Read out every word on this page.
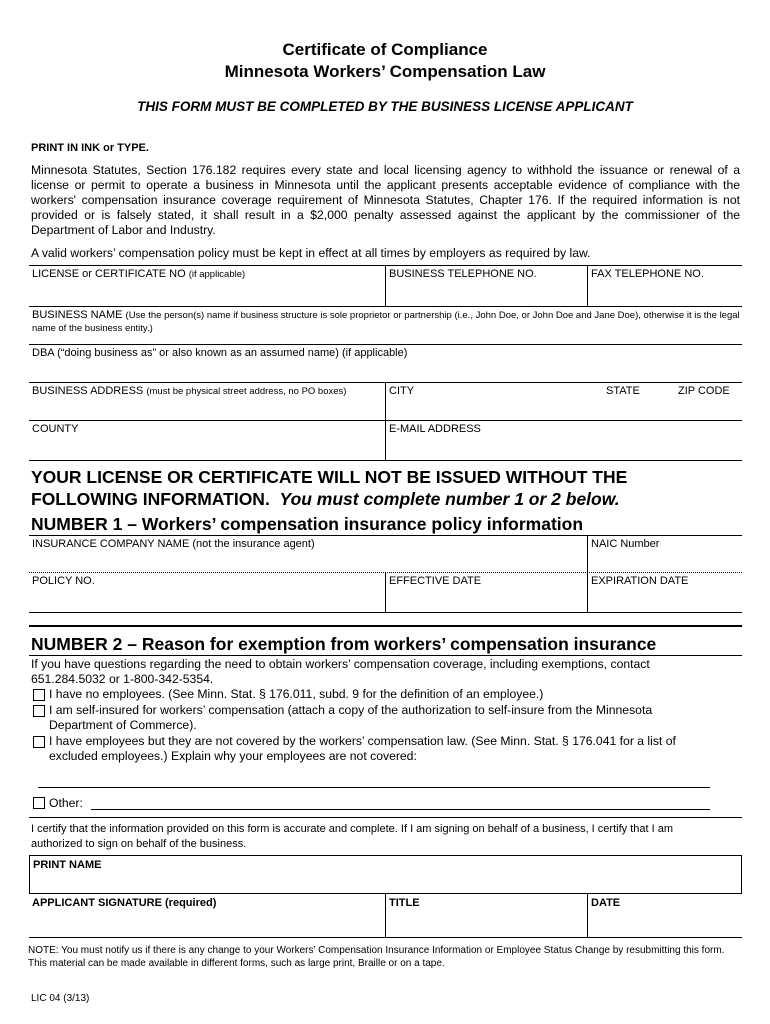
Certificate of Compliance
Minnesota Workers’ Compensation Law
THIS FORM MUST BE COMPLETED BY THE BUSINESS LICENSE APPLICANT
PRINT IN INK or TYPE.
Minnesota Statutes, Section 176.182 requires every state and local licensing agency to withhold the issuance or renewal of a license or permit to operate a business in Minnesota until the applicant presents acceptable evidence of compliance with the workers' compensation insurance coverage requirement of Minnesota Statutes, Chapter 176. If the required information is not provided or is falsely stated, it shall result in a $2,000 penalty assessed against the applicant by the commissioner of the Department of Labor and Industry.
A valid workers’ compensation policy must be kept in effect at all times by employers as required by law.
LICENSE or CERTIFICATE NO (if applicable)	BUSINESS TELEPHONE NO.	FAX TELEPHONE NO.
BUSINESS NAME (Use the person(s) name if business structure is sole proprietor or partnership (i.e., John Doe, or John Doe and Jane Doe), otherwise it is the legal name of the business entity.)
DBA (“doing business as” or also known as an assumed name) (if applicable)
BUSINESS ADDRESS (must be physical street address, no PO boxes)	CITY	STATE	ZIP CODE
COUNTY	E-MAIL ADDRESS
YOUR LICENSE OR CERTIFICATE WILL NOT BE ISSUED WITHOUT THE
FOLLOWING INFORMATION. You must complete number 1 or 2 below.
NUMBER 1 – Workers’ compensation insurance policy information
INSURANCE COMPANY NAME (not the insurance agent)	NAIC Number
POLICY NO.	EFFECTIVE DATE	EXPIRATION DATE
NUMBER 2 – Reason for exemption from workers’ compensation insurance
If you have questions regarding the need to obtain workers’ compensation coverage, including exemptions, contact
651.284.5032 or 1-800-342-5354.
I have no employees. (See Minn. Stat. § 176.011, subd. 9 for the definition of an employee.)
I am self-insured for workers’ compensation (attach a copy of the authorization to self-insure from the Minnesota
Department of Commerce).
I have employees but they are not covered by the workers’ compensation law. (See Minn. Stat. § 176.041 for a list of
excluded employees.) Explain why your employees are not covered:
Other:
I certify that the information provided on this form is accurate and complete. If I am signing on behalf of a business, I certify that I am
authorized to sign on behalf of the business.
PRINT NAME
APPLICANT SIGNATURE (required)	TITLE	DATE
NOTE: You must notify us if there is any change to your Workers’ Compensation Insurance Information or Employee Status Change by resubmitting this form.
This material can be made available in different forms, such as large print, Braille or on a tape.
LIC 04 (3/13)
